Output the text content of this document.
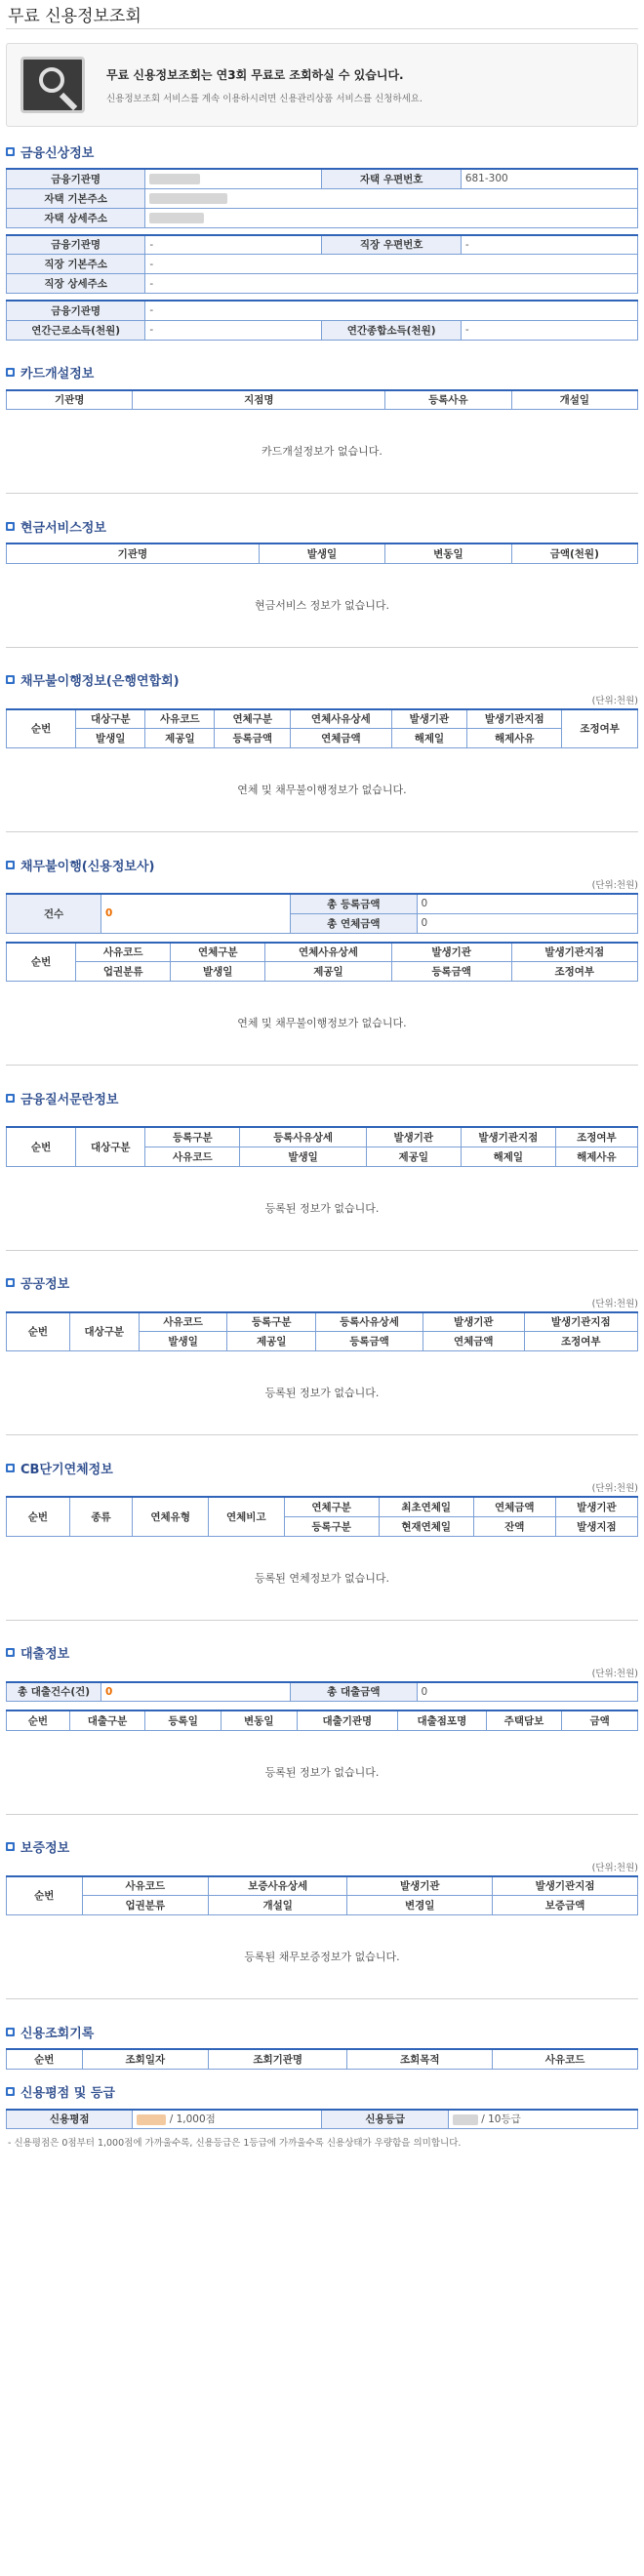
무료 신용정보조회
무료 신용정보조회는 연3회 무료로 조회하실 수 있습니다.
신용정보조회 서비스를 계속 이용하시려면 신용관리상품 서비스를 신청하세요.
금융신상정보
금융기관명		자택 우편번호	681-300
자택 기본주소			
자택 상세주소			
금융기관명	-	직장 우편번호	-
직장 기본주소	-		
직장 상세주소	-		
금융기관명	-		
연간근로소득(천원)	-	연간종합소득(천원)	-
카드개설정보
기관명	지점명	등록사유	개설일
카드개설정보가 없습니다.
현금서비스정보
기관명	발생일	변동일	금액(천원)
현금서비스 정보가 없습니다.
채무불이행정보(은행연합회)
(단위:천원)
순번	대상구분	사유코드	연체구분	연체사유상세	발생기관	발생기관지점	조정여부
	발생일	제공일	등록금액	연체금액	해제일	해제사유	
연체 및 채무불이행정보가 없습니다.
채무불이행(신용정보사)
(단위:천원)
건수	0	총 등록금액	0
		총 연체금액	0
순번	사유코드	연체구분	연체사유상세	발생기관	발생기관지점
	업권분류	발생일	제공일	등록금액	조정여부
연체 및 채무불이행정보가 없습니다.
금융질서문란정보
순번	대상구분	등록구분	등록사유상세	발생기관	발생기관지점	조정여부
		사유코드	발생일	제공일	해제일	해제사유
등록된 정보가 없습니다.
공공정보
(단위:천원)
순번	대상구분	사유코드	등록구분	등록사유상세	발생기관	발생기관지점
		발생일	제공일	등록금액	연체금액	조정여부
등록된 정보가 없습니다.
CB단기연체정보
(단위:천원)
순번	종류	연체유형	연체비고	연체구분	최초연체일	연체금액	발생기관
				등록구분	현재연체일	잔액	발생지점
등록된 연체정보가 없습니다.
대출정보
(단위:천원)
총 대출건수(건)	0	총 대출금액	0
순번	대출구분	등록일	변동일	대출기관명	대출점포명	주택담보	금액
등록된 정보가 없습니다.
보증정보
(단위:천원)
순번	사유코드	보증사유상세	발생기관	발생기관지점
	업권분류	개설일	변경일	보증금액
등록된 채무보증정보가 없습니다.
신용조회기록
순번	조회일자	조회기관명	조회목적	사유코드
신용평점 및 등급
신용평점	/ 1,000점	신용등급	/ 10등급
- 신용평점은 0점부터 1,000점에 가까울수록, 신용등급은 1등급에 가까울수록 신용상태가 우량함을 의미합니다.
